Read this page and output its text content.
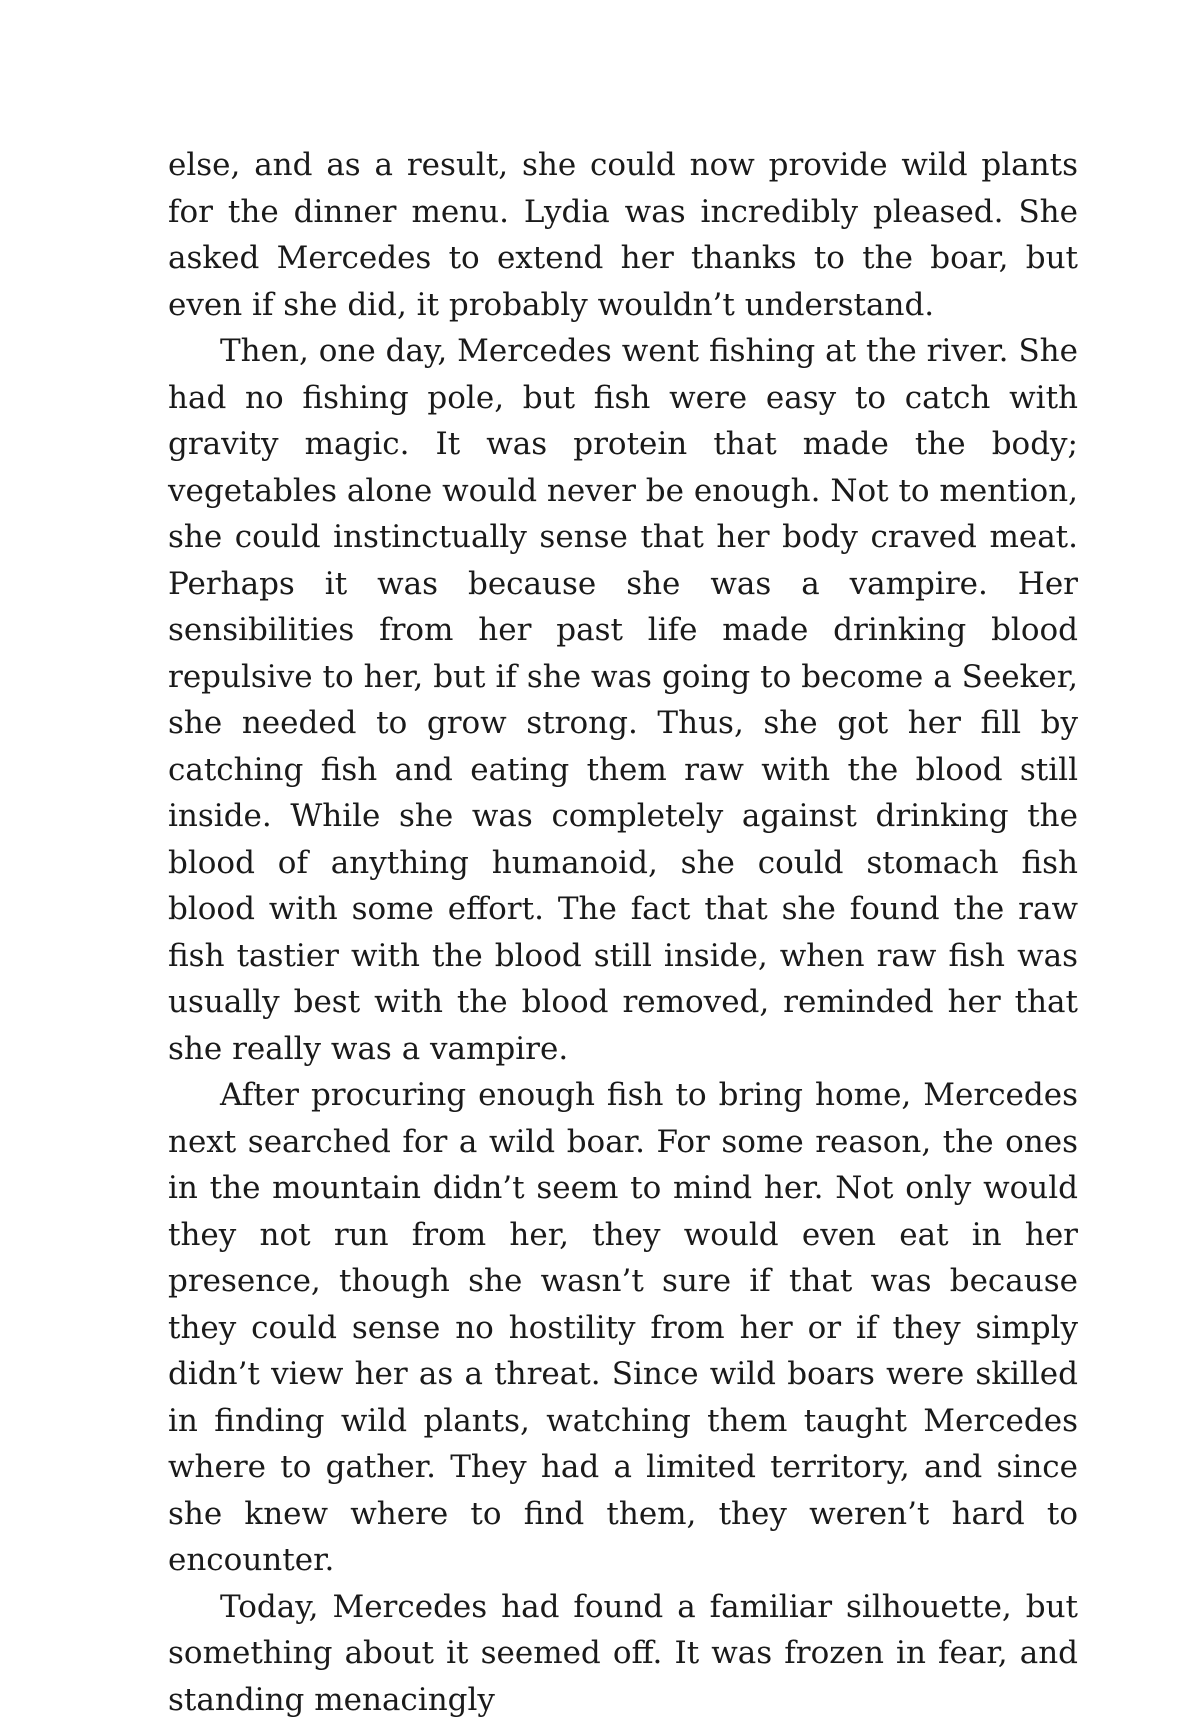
else, and as a result, she could now provide wild plants for the dinner menu. Lydia was incredibly pleased. She asked Mercedes to extend her thanks to the boar, but even if she did, it probably wouldn’t understand.

Then, one day, Mercedes went fishing at the river. She had no fishing pole, but fish were easy to catch with gravity magic. It was protein that made the body; vegetables alone would never be enough. Not to mention, she could instinctually sense that her body craved meat. Perhaps it was because she was a vampire. Her sensibilities from her past life made drinking blood repulsive to her, but if she was going to become a Seeker, she needed to grow strong. Thus, she got her fill by catching fish and eating them raw with the blood still inside. While she was completely against drinking the blood of anything humanoid, she could stomach fish blood with some effort. The fact that she found the raw fish tastier with the blood still inside, when raw fish was usually best with the blood removed, reminded her that she really was a vampire.

After procuring enough fish to bring home, Mercedes next searched for a wild boar. For some reason, the ones in the mountain didn’t seem to mind her. Not only would they not run from her, they would even eat in her presence, though she wasn’t sure if that was because they could sense no hostility from her or if they simply didn’t view her as a threat. Since wild boars were skilled in finding wild plants, watching them taught Mercedes where to gather. They had a limited territory, and since she knew where to find them, they weren’t hard to encounter.

Today, Mercedes had found a familiar silhouette, but something about it seemed off. It was frozen in fear, and standing menacingly
